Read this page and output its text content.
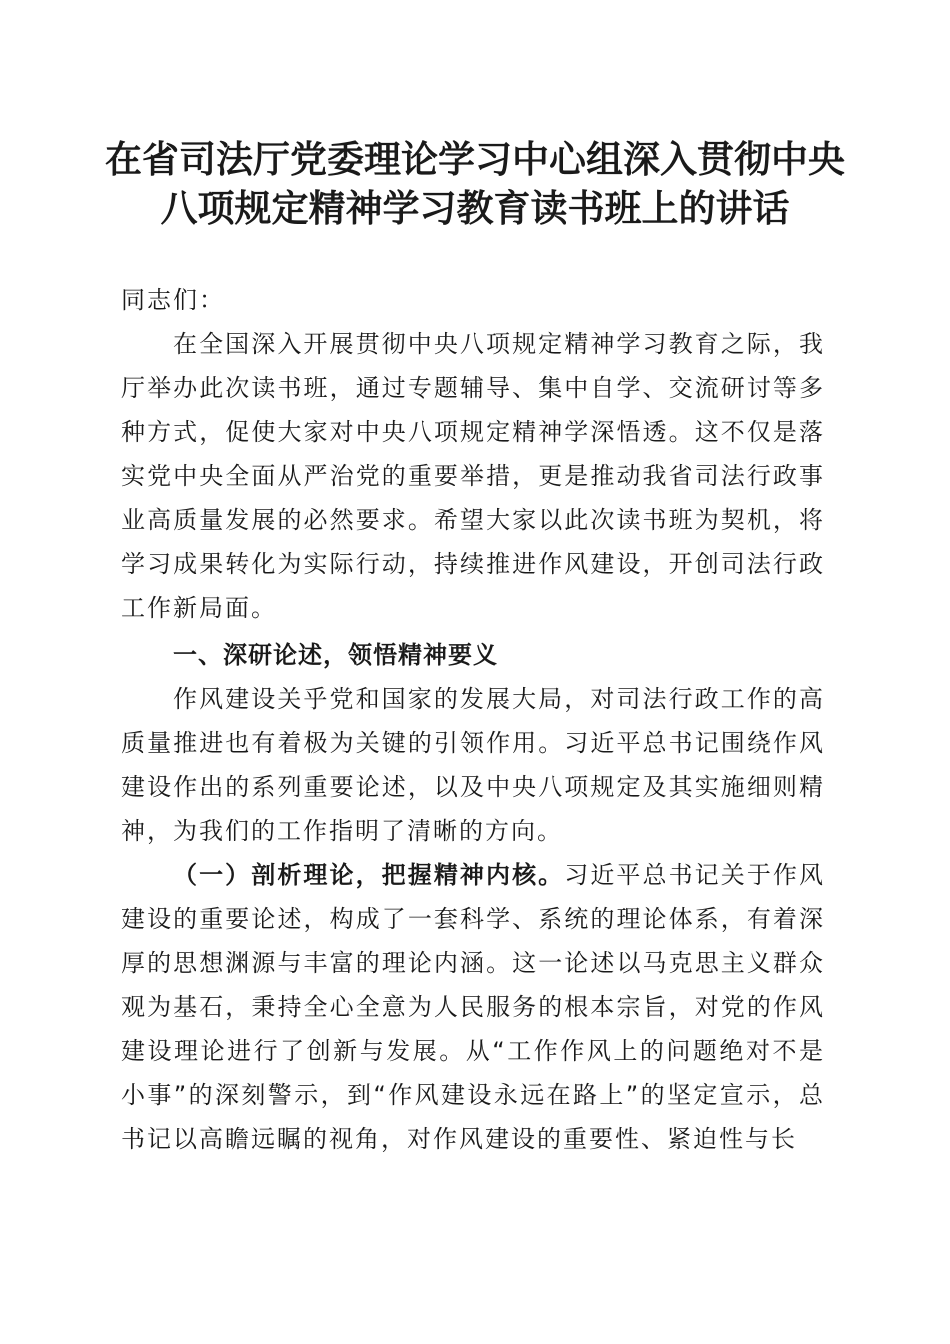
在省司法厅党委理论学习中心组深入贯彻中央
八项规定精神学习教育读书班上的讲话
同志们：
在全国深入开展贯彻中央八项规定精神学习教育之际，我厅举办此次读书班，通过专题辅导、集中自学、交流研讨等多种方式，促使大家对中央八项规定精神学深悟透。这不仅是落实党中央全面从严治党的重要举措，更是推动我省司法行政事业高质量发展的必然要求。希望大家以此次读书班为契机，将学习成果转化为实际行动，持续推进作风建设，开创司法行政工作新局面。
一、深研论述，领悟精神要义
作风建设关乎党和国家的发展大局，对司法行政工作的高质量推进也有着极为关键的引领作用。习近平总书记围绕作风建设作出的系列重要论述，以及中央八项规定及其实施细则精神，为我们的工作指明了清晰的方向。
（一）剖析理论，把握精神内核。习近平总书记关于作风建设的重要论述，构成了一套科学、系统的理论体系，有着深厚的思想渊源与丰富的理论内涵。这一论述以马克思主义群众观为基石，秉持全心全意为人民服务的根本宗旨，对党的作风建设理论进行了创新与发展。从“工作作风上的问题绝对不是小事”的深刻警示，到“作风建设永远在路上”的坚定宣示，总书记以高瞻远瞩的视角，对作风建设的重要性、紧迫性与长
